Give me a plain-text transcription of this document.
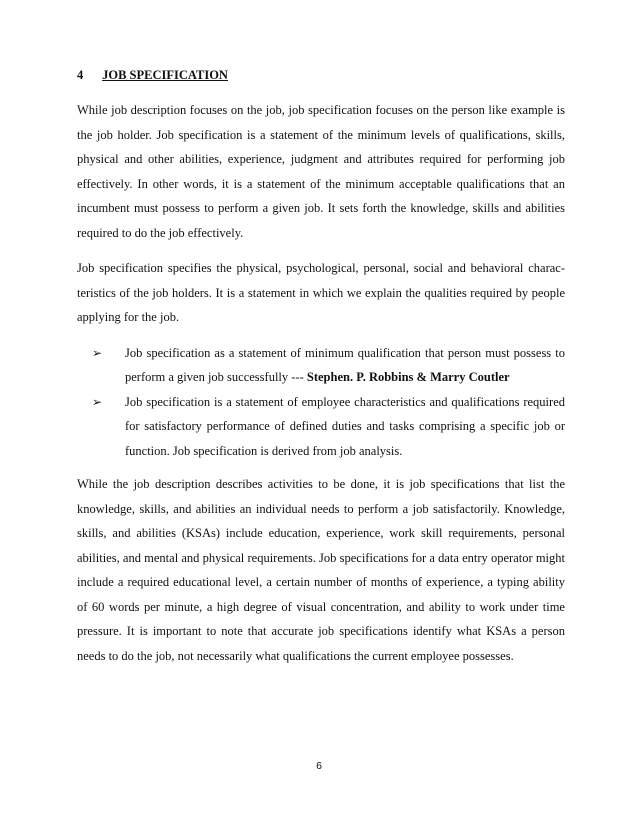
4 JOB SPECIFICATION

While job description focuses on the job, job specification focuses on the person like example is the job holder. Job specification is a statement of the minimum levels of qualifications, skills, physical and other abilities, experience, judgment and attributes required for performing job effectively. In other words, it is a statement of the minimum acceptable qualifications that an incumbent must possess to perform a given job. It sets forth the knowledge, skills and abilities required to do the job effectively.

Job specification specifies the physical, psychological, personal, social and behavioral charac-teristics of the job holders. It is a statement in which we explain the qualities required by people applying for the job.

➢ Job specification as a statement of minimum qualification that person must possess to perform a given job successfully --- Stephen. P. Robbins & Marry Coutler
➢ Job specification is a statement of employee characteristics and qualifications required for satisfactory performance of defined duties and tasks comprising a specific job or function. Job specification is derived from job analysis.

While the job description describes activities to be done, it is job specifications that list the knowledge, skills, and abilities an individual needs to perform a job satisfactorily. Knowledge, skills, and abilities (KSAs) include education, experience, work skill requirements, personal abilities, and mental and physical requirements. Job specifications for a data entry operator might include a required educational level, a certain number of months of experience, a typing ability of 60 words per minute, a high degree of visual concentration, and ability to work under time pressure. It is important to note that accurate job specifications identify what KSAs a person needs to do the job, not necessarily what qualifications the current employee possesses.

6
